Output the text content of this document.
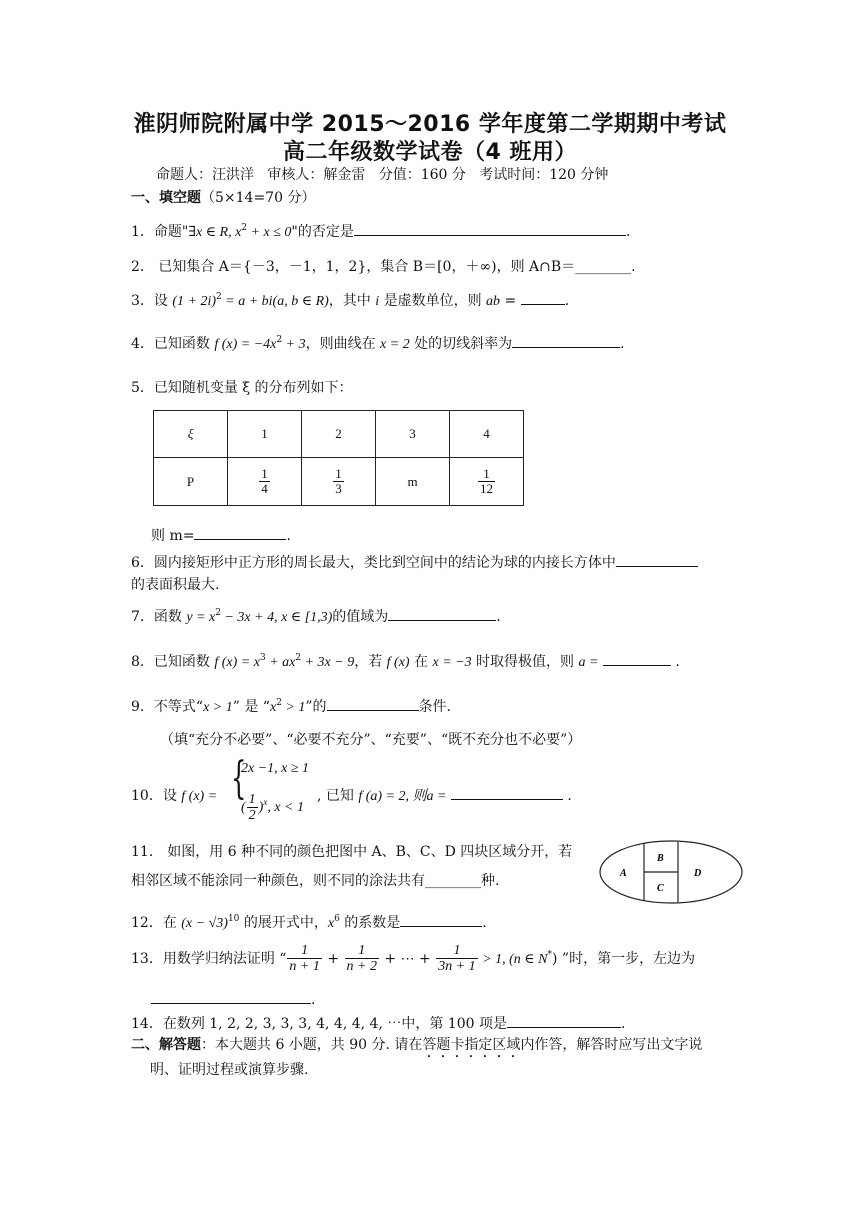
淮阴师院附属中学 2015～2016 学年度第二学期期中考试
高二年级数学试卷（4 班用）
命题人：汪洪洋   审核人：解金雷   分值：160 分   考试时间：120 分钟
一、填空题（5×14=70 分）
1．命题"∃x ∈ R, $x^2 + x \le 0$"的否定是	.
2． 已知集合 A＝{－3，－1，1，2}，集合 B＝[0，＋∞)，则 A∩B＝________.
3．设 $(1 + 2i)^2 = a + bi(a$, b ∈ R)，其中 i 是虚数单位，则 ab =	.
4．已知函数 f $(x) = -4x^2 + 3$，则曲线在 x = 2 处的切线斜率为	.
5．已知随机变量 ξ 的分布列如下：
ξ	1	2	3	4
P	$\frac{1}{4}$	$\frac{1}{3}$	m	$\frac{1}{12}$
则 m=	.
6．圆内接矩形中正方形的周长最大，类比到空间中的结论为球的内接长方体中
的表面积最大.
7．函数 $y = x^2 - 3x + 4$, x ∈ [1,3)的值域为	.
8．已知函数 f $(x) = x^3 + ax^2 + 3x - 9$，若 f (x) 在 x = −3 时取得极值，则 a =	.
9．不等式“x > 1” 是 “$x^2 > 1$”的	条件.
（填“充分不必要”、“必要不充分”、“充要”、“既不充分也不必要”）
10．设 f (x) = {
2x −1, x ≥ 1
( $\frac{1}{2} )^x$, x < 1
, 已知 f (a) = 2, 则a =	.
11． 如图，用 6 种不同的颜色把图中 A、B、C、D 四块区域分开，若
相邻区域不能涂同一种颜色，则不同的涂法共有________种.	A
B
C
D
12．在 $(x - √3)^{10}$ 的展开式中，$x^6$ 的系数是	.
13．用数学归纳法证明 “ $\frac{1}{n + 1} + \frac{1}{n + 2}$ + ⋯ + $\frac{1}{3n + 1} > 1$, (n ∈ N*) ”时，第一步，左边为
.
14．在数列 1, 2, 2, 3, 3, 3, 4, 4, 4, 4, ⋯中，第 100 项是	.
二、解答题：本大题共 6 小题，共 90 分. 请在答题卡指定区域内作答，解答时应写出文字说
明、证明过程或演算步骤.
